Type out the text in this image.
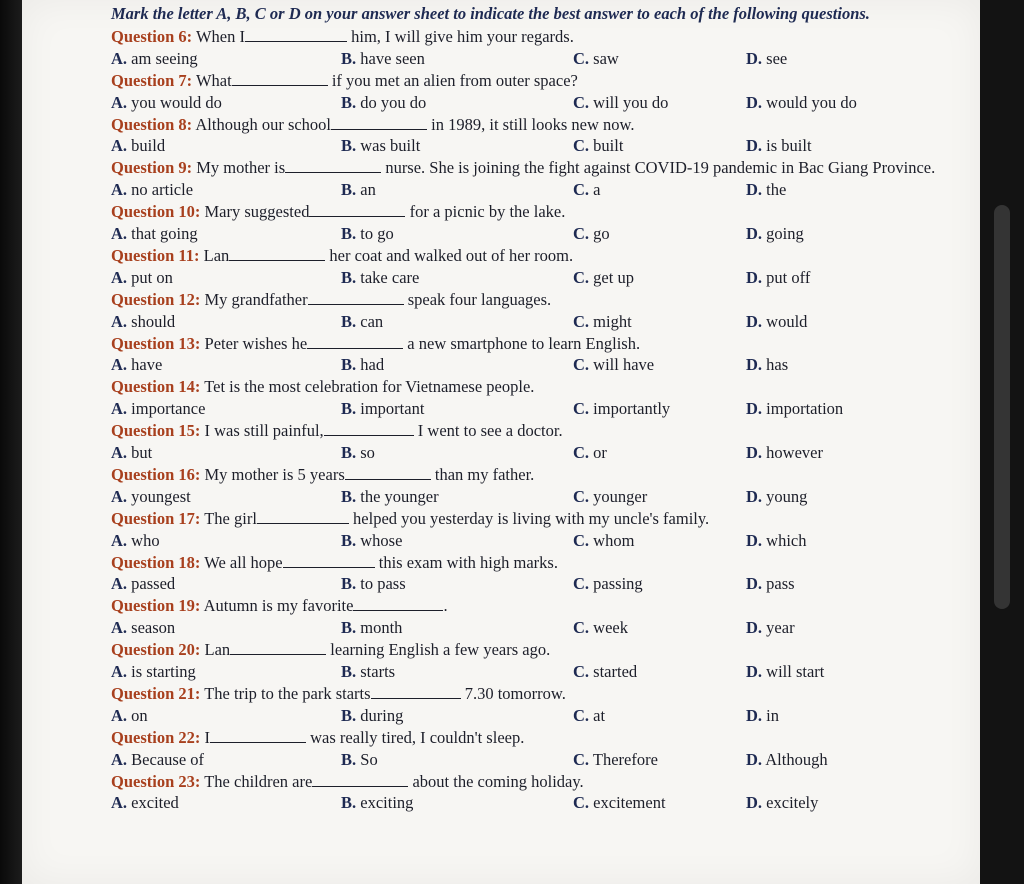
Mark the letter A, B, C or D on your answer sheet to indicate the best answer to each of the following questions.
Question 6: When I	him, I will give him your regards.
A. am seeing	B. have seen	C. saw	D. see
Question 7: What	if you met an alien from outer space?
A. you would do	B. do you do	C. will you do	D. would you do
Question 8: Although our school	in 1989, it still looks new now.
A. build	B. was built	C. built	D. is built
Question 9: My mother is	nurse. She is joining the fight against COVID-19 pandemic in Bac Giang Province.
A. no article	B. an	C. a	D. the
Question 10: Mary suggested	for a picnic by the lake.
A. that going	B. to go	C. go	D. going
Question 11: Lan	her coat and walked out of her room.
A. put on	B. take care	C. get up	D. put off
Question 12: My grandfather	speak four languages.
A. should	B. can	C. might	D. would
Question 13: Peter wishes he	a new smartphone to learn English.
A. have	B. had	C. will have	D. has
Question 14: Tet is the most celebration for Vietnamese people.
A. importance	B. important	C. importantly	D. importation
Question 15: I was still painful,	I went to see a doctor.
A. but	B. so	C. or	D. however
Question 16: My mother is 5 years	than my father.
A. youngest	B. the younger	C. younger	D. young
Question 17: The girl	helped you yesterday is living with my uncle's family.
A. who	B. whose	C. whom	D. which
Question 18: We all hope	this exam with high marks.
A. passed	B. to pass	C. passing	D. pass
Question 19: Autumn is my favorite	.
A. season	B. month	C. week	D. year
Question 20: Lan	learning English a few years ago.
A. is starting	B. starts	C. started	D. will start
Question 21: The trip to the park starts	7.30 tomorrow.
A. on	B. during	C. at	D. in
Question 22: I	was really tired, I couldn't sleep.
A. Because of	B. So	C. Therefore	D. Although
Question 23: The children are	about the coming holiday.
A. excited	B. exciting	C. excitement	D. excitely
